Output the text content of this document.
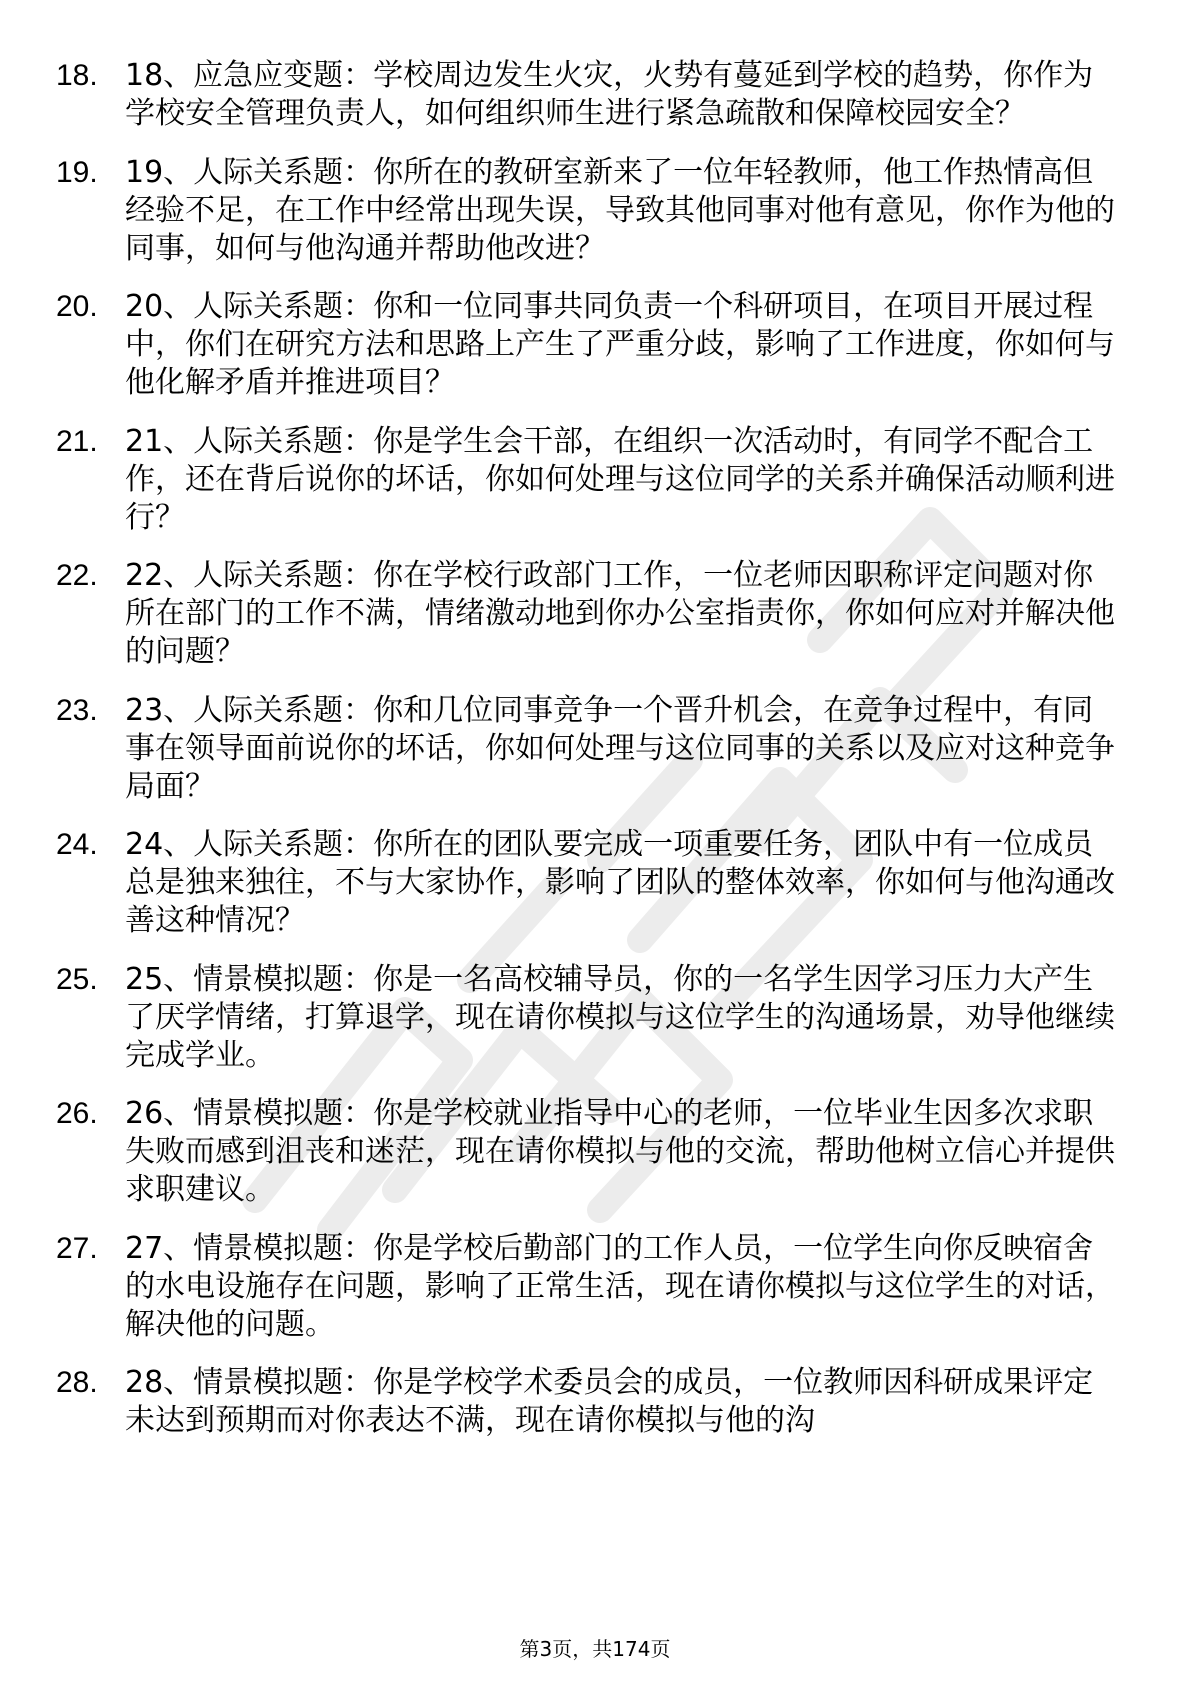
18. 18、应急应变题：学校周边发生火灾，火势有蔓延到学校的趋势，你作为学校安全管理负责人，如何组织师生进行紧急疏散和保障校园安全？
19. 19、人际关系题：你所在的教研室新来了一位年轻教师，他工作热情高但经验不足，在工作中经常出现失误，导致其他同事对他有意见，你作为他的同事，如何与他沟通并帮助他改进？
20. 20、人际关系题：你和一位同事共同负责一个科研项目，在项目开展过程中，你们在研究方法和思路上产生了严重分歧，影响了工作进度，你如何与他化解矛盾并推进项目？
21. 21、人际关系题：你是学生会干部，在组织一次活动时，有同学不配合工作，还在背后说你的坏话，你如何处理与这位同学的关系并确保活动顺利进行？
22. 22、人际关系题：你在学校行政部门工作，一位老师因职称评定问题对你所在部门的工作不满，情绪激动地到你办公室指责你，你如何应对并解决他的问题？
23. 23、人际关系题：你和几位同事竞争一个晋升机会，在竞争过程中，有同事在领导面前说你的坏话，你如何处理与这位同事的关系以及应对这种竞争局面？
24. 24、人际关系题：你所在的团队要完成一项重要任务，团队中有一位成员总是独来独往，不与大家协作，影响了团队的整体效率，你如何与他沟通改善这种情况？
25. 25、情景模拟题：你是一名高校辅导员，你的一名学生因学习压力大产生了厌学情绪，打算退学，现在请你模拟与这位学生的沟通场景，劝导他继续完成学业。
26. 26、情景模拟题：你是学校就业指导中心的老师，一位毕业生因多次求职失败而感到沮丧和迷茫，现在请你模拟与他的交流，帮助他树立信心并提供求职建议。
27. 27、情景模拟题：你是学校后勤部门的工作人员，一位学生向你反映宿舍的水电设施存在问题，影响了正常生活，现在请你模拟与这位学生的对话，解决他的问题。
28. 28、情景模拟题：你是学校学术委员会的成员，一位教师因科研成果评定未达到预期而对你表达不满，现在请你模拟与他的沟
第3页，共174页
